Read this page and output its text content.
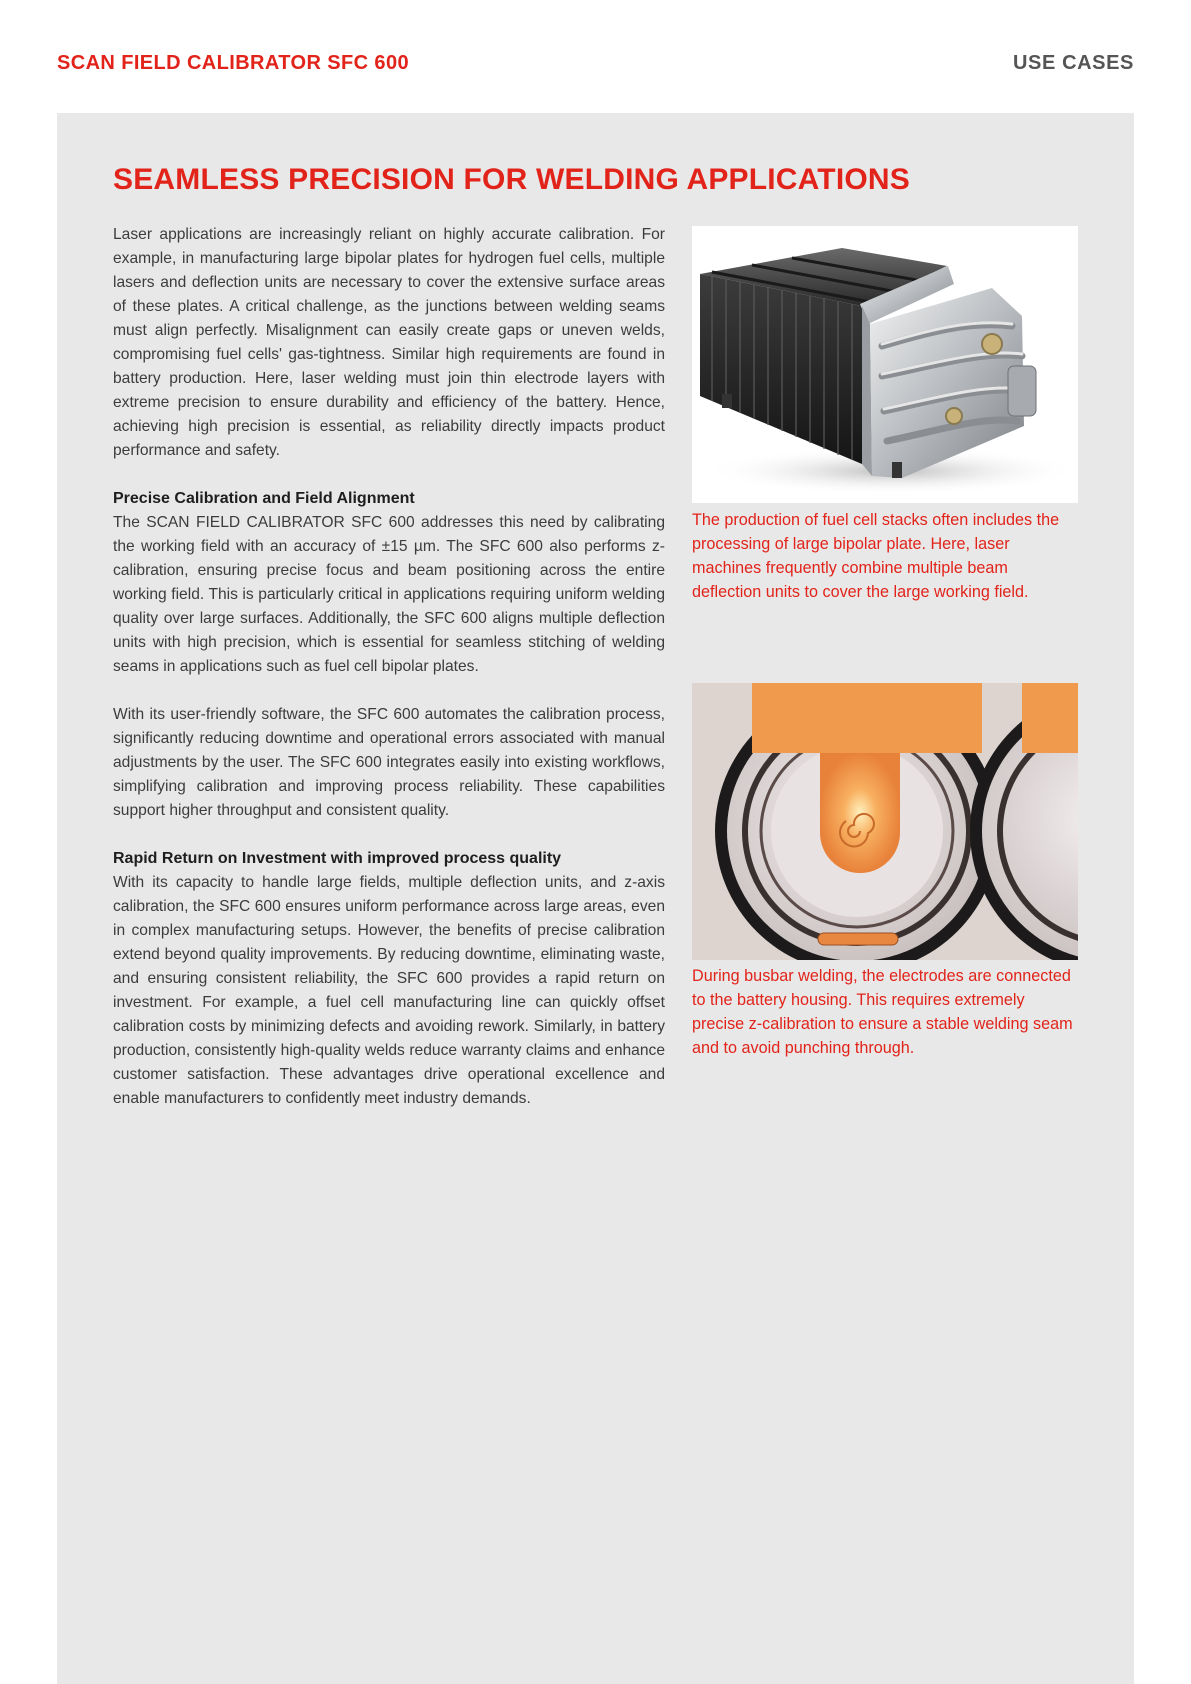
SCAN FIELD CALIBRATOR SFC 600	USE CASES
SEAMLESS PRECISION FOR WELDING APPLICATIONS

Laser applications are increasingly reliant on highly accurate calibration. For example, in manufacturing large bipolar plates for hydrogen fuel cells, multiple lasers and deflection units are necessary to cover the extensive surface areas of these plates. A critical challenge, as the junctions between welding seams must align perfectly. Misalignment can easily create gaps or uneven welds, compromising fuel cells' gas-tightness. Similar high requirements are found in battery production. Here, laser welding must join thin electrode layers with extreme precision to ensure durability and efficiency of the battery. Hence, achieving high precision is essential, as reliability directly impacts product performance and safety.

Precise Calibration and Field Alignment

The SCAN FIELD CALIBRATOR SFC 600 addresses this need by calibrating the working field with an accuracy of ±15 µm. The SFC 600 also performs z-calibration, ensuring precise focus and beam positioning across the entire working field. This is particularly critical in applications requiring uniform welding quality over large surfaces. Additionally, the SFC 600 aligns multiple deflection units with high precision, which is essential for seamless stitching of welding seams in applications such as fuel cell bipolar plates.

With its user-friendly software, the SFC 600 automates the calibration process, significantly reducing downtime and operational errors associated with manual adjustments by the user. The SFC 600 integrates easily into existing workflows, simplifying calibration and improving process reliability. These capabilities support higher throughput and consistent quality.

Rapid Return on Investment with improved process quality

With its capacity to handle large fields, multiple deflection units, and z-axis calibration, the SFC 600 ensures uniform performance across large areas, even in complex manufacturing setups. However, the benefits of precise calibration extend beyond quality improvements. By reducing downtime, eliminating waste, and ensuring consistent reliability, the SFC 600 provides a rapid return on investment. For example, a fuel cell manufacturing line can quickly offset calibration costs by minimizing defects and avoiding rework. Similarly, in battery production, consistently high-quality welds reduce warranty claims and enhance customer satisfaction. These advantages drive operational excellence and enable manufacturers to confidently meet industry demands.

The production of fuel cell stacks often includes the processing of large bipolar plate. Here, laser machines frequently combine multiple beam deflection units to cover the large working field.
During busbar welding, the electrodes are connected to the battery housing. This requires extremely precise z-calibration to ensure a stable welding seam and to avoid punching through.
